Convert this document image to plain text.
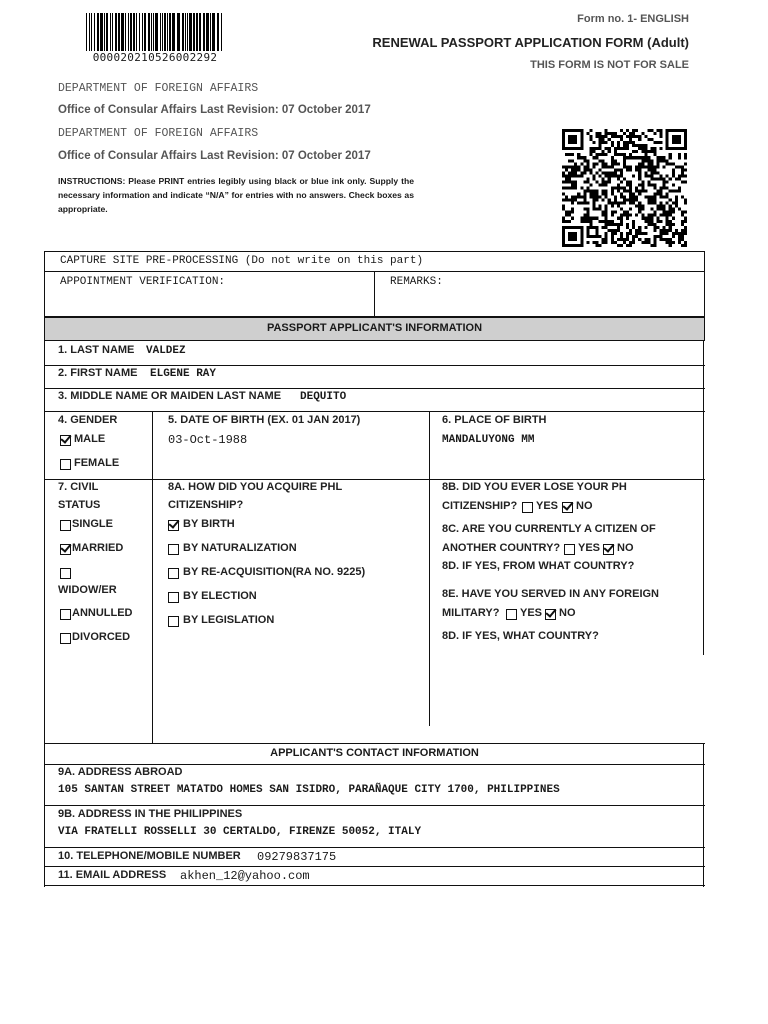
000020210526002292
Form no. 1- ENGLISH
RENEWAL PASSPORT APPLICATION FORM (Adult)
THIS FORM IS NOT FOR SALE
DEPARTMENT OF FOREIGN AFFAIRS
Office of Consular Affairs Last Revision: 07 October 2017
DEPARTMENT OF FOREIGN AFFAIRS
Office of Consular Affairs Last Revision: 07 October 2017
INSTRUCTIONS: Please PRINT entries legibly using black or blue ink only. Supply the necessary information and indicate “N/A” for entries with no answers. Check boxes as appropriate.
CAPTURE SITE PRE-PROCESSING (Do not write on this part)
APPOINTMENT VERIFICATION:	REMARKS:
PASSPORT APPLICANT'S INFORMATION
1. LAST NAME VALDEZ
2. FIRST NAME ELGENE RAY
3. MIDDLE NAME OR MAIDEN LAST NAME DEQUITO
4. GENDER
MALE
FEMALE
5. DATE OF BIRTH (EX. 01 JAN 2017)
03-Oct-1988
6. PLACE OF BIRTH
MANDALUYONG MM
7. CIVIL
STATUS
SINGLE
MARRIED
WIDOW/ER
ANNULLED
DIVORCED
8A. HOW DID YOU ACQUIRE PHL
CITIZENSHIP?
BY BIRTH
BY NATURALIZATION
BY RE-ACQUISITION(RA NO. 9225)
BY ELECTION
BY LEGISLATION
8B. DID YOU EVER LOSE YOUR PH
CITIZENSHIP? YES NO
8C. ARE YOU CURRENTLY A CITIZEN OF
ANOTHER COUNTRY? YES NO
8D. IF YES, FROM WHAT COUNTRY?
8E. HAVE YOU SERVED IN ANY FOREIGN
MILITARY? YES NO
8D. IF YES, WHAT COUNTRY?
APPLICANT'S CONTACT INFORMATION
9A. ADDRESS ABROAD
105 SANTAN STREET MATATDO HOMES SAN ISIDRO, PARAÑAQUE CITY 1700, PHILIPPINES
9B. ADDRESS IN THE PHILIPPINES
VIA FRATELLI ROSSELLI 30 CERTALDO, FIRENZE 50052, ITALY
10. TELEPHONE/MOBILE NUMBER 09279837175
11. EMAIL ADDRESS akhen_12@yahoo.com
